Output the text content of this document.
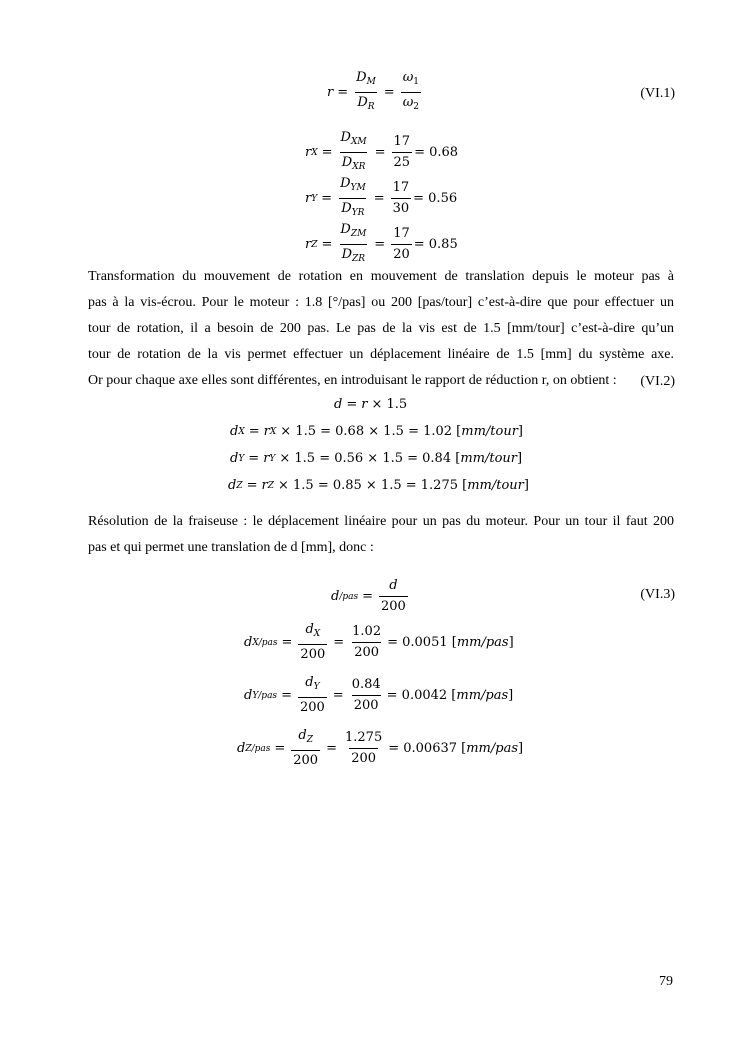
$r = \frac{D_M}{D_R} = \frac{\omega_1}{\omega_2}$	(VI.1)
r $X = \frac{D_{XM}}{D_{XR}} = \frac{17}{25} = 0.68$
r $Y = \frac{D_{YM}}{D_{YR}} = \frac{17}{30} = 0.56$
r $Z = \frac{D_{ZM}}{D_{ZR}} = \frac{17}{20} = 0.85$
Transformation du mouvement de rotation en mouvement de translation depuis le moteur pas à
pas à la vis-écrou. Pour le moteur : 1.8 [°/pas] ou 200 [pas/tour] c’est-à-dire que pour effectuer un
tour de rotation, il a besoin de 200 pas. Le pas de la vis est de 1.5 [mm/tour] c’est-à-dire qu’un
tour de rotation de la vis permet effectuer un déplacement linéaire de 1.5 [mm] du système axe.
Or pour chaque axe elles sont différentes, en introduisant le rapport de réduction r, on obtient :
d = r × 1.5
(VI.2)
d X = r X × 1.5 = 0.68 × 1.5 = 1.02 [ mm/tour ]
d Y = r Y × 1.5 = 0.56 × 1.5 = 0.84 [ mm/tour ]
d Z = r Z × 1.5 = 0.85 × 1.5 = 1.275 [ mm/tour ]
Résolution de la fraiseuse : le déplacement linéaire pour un pas du moteur. Pour un tour il faut 200
pas et qui permet une translation de d [mm], donc :
d $/pas = \frac{d}{200}$	(VI.3)
d $X/pas = \frac{d_X}{200} = \frac{1.02}{200} = 0.0051$ [ mm/pas ]
d $Y/pas = \frac{d_Y}{200} = \frac{0.84}{200} = 0.0042$ [ mm/pas ]
d $Z/pas = \frac{d_Z}{200} = \frac{1.275}{200} = 0.00637$ [ mm/pas ]
79
